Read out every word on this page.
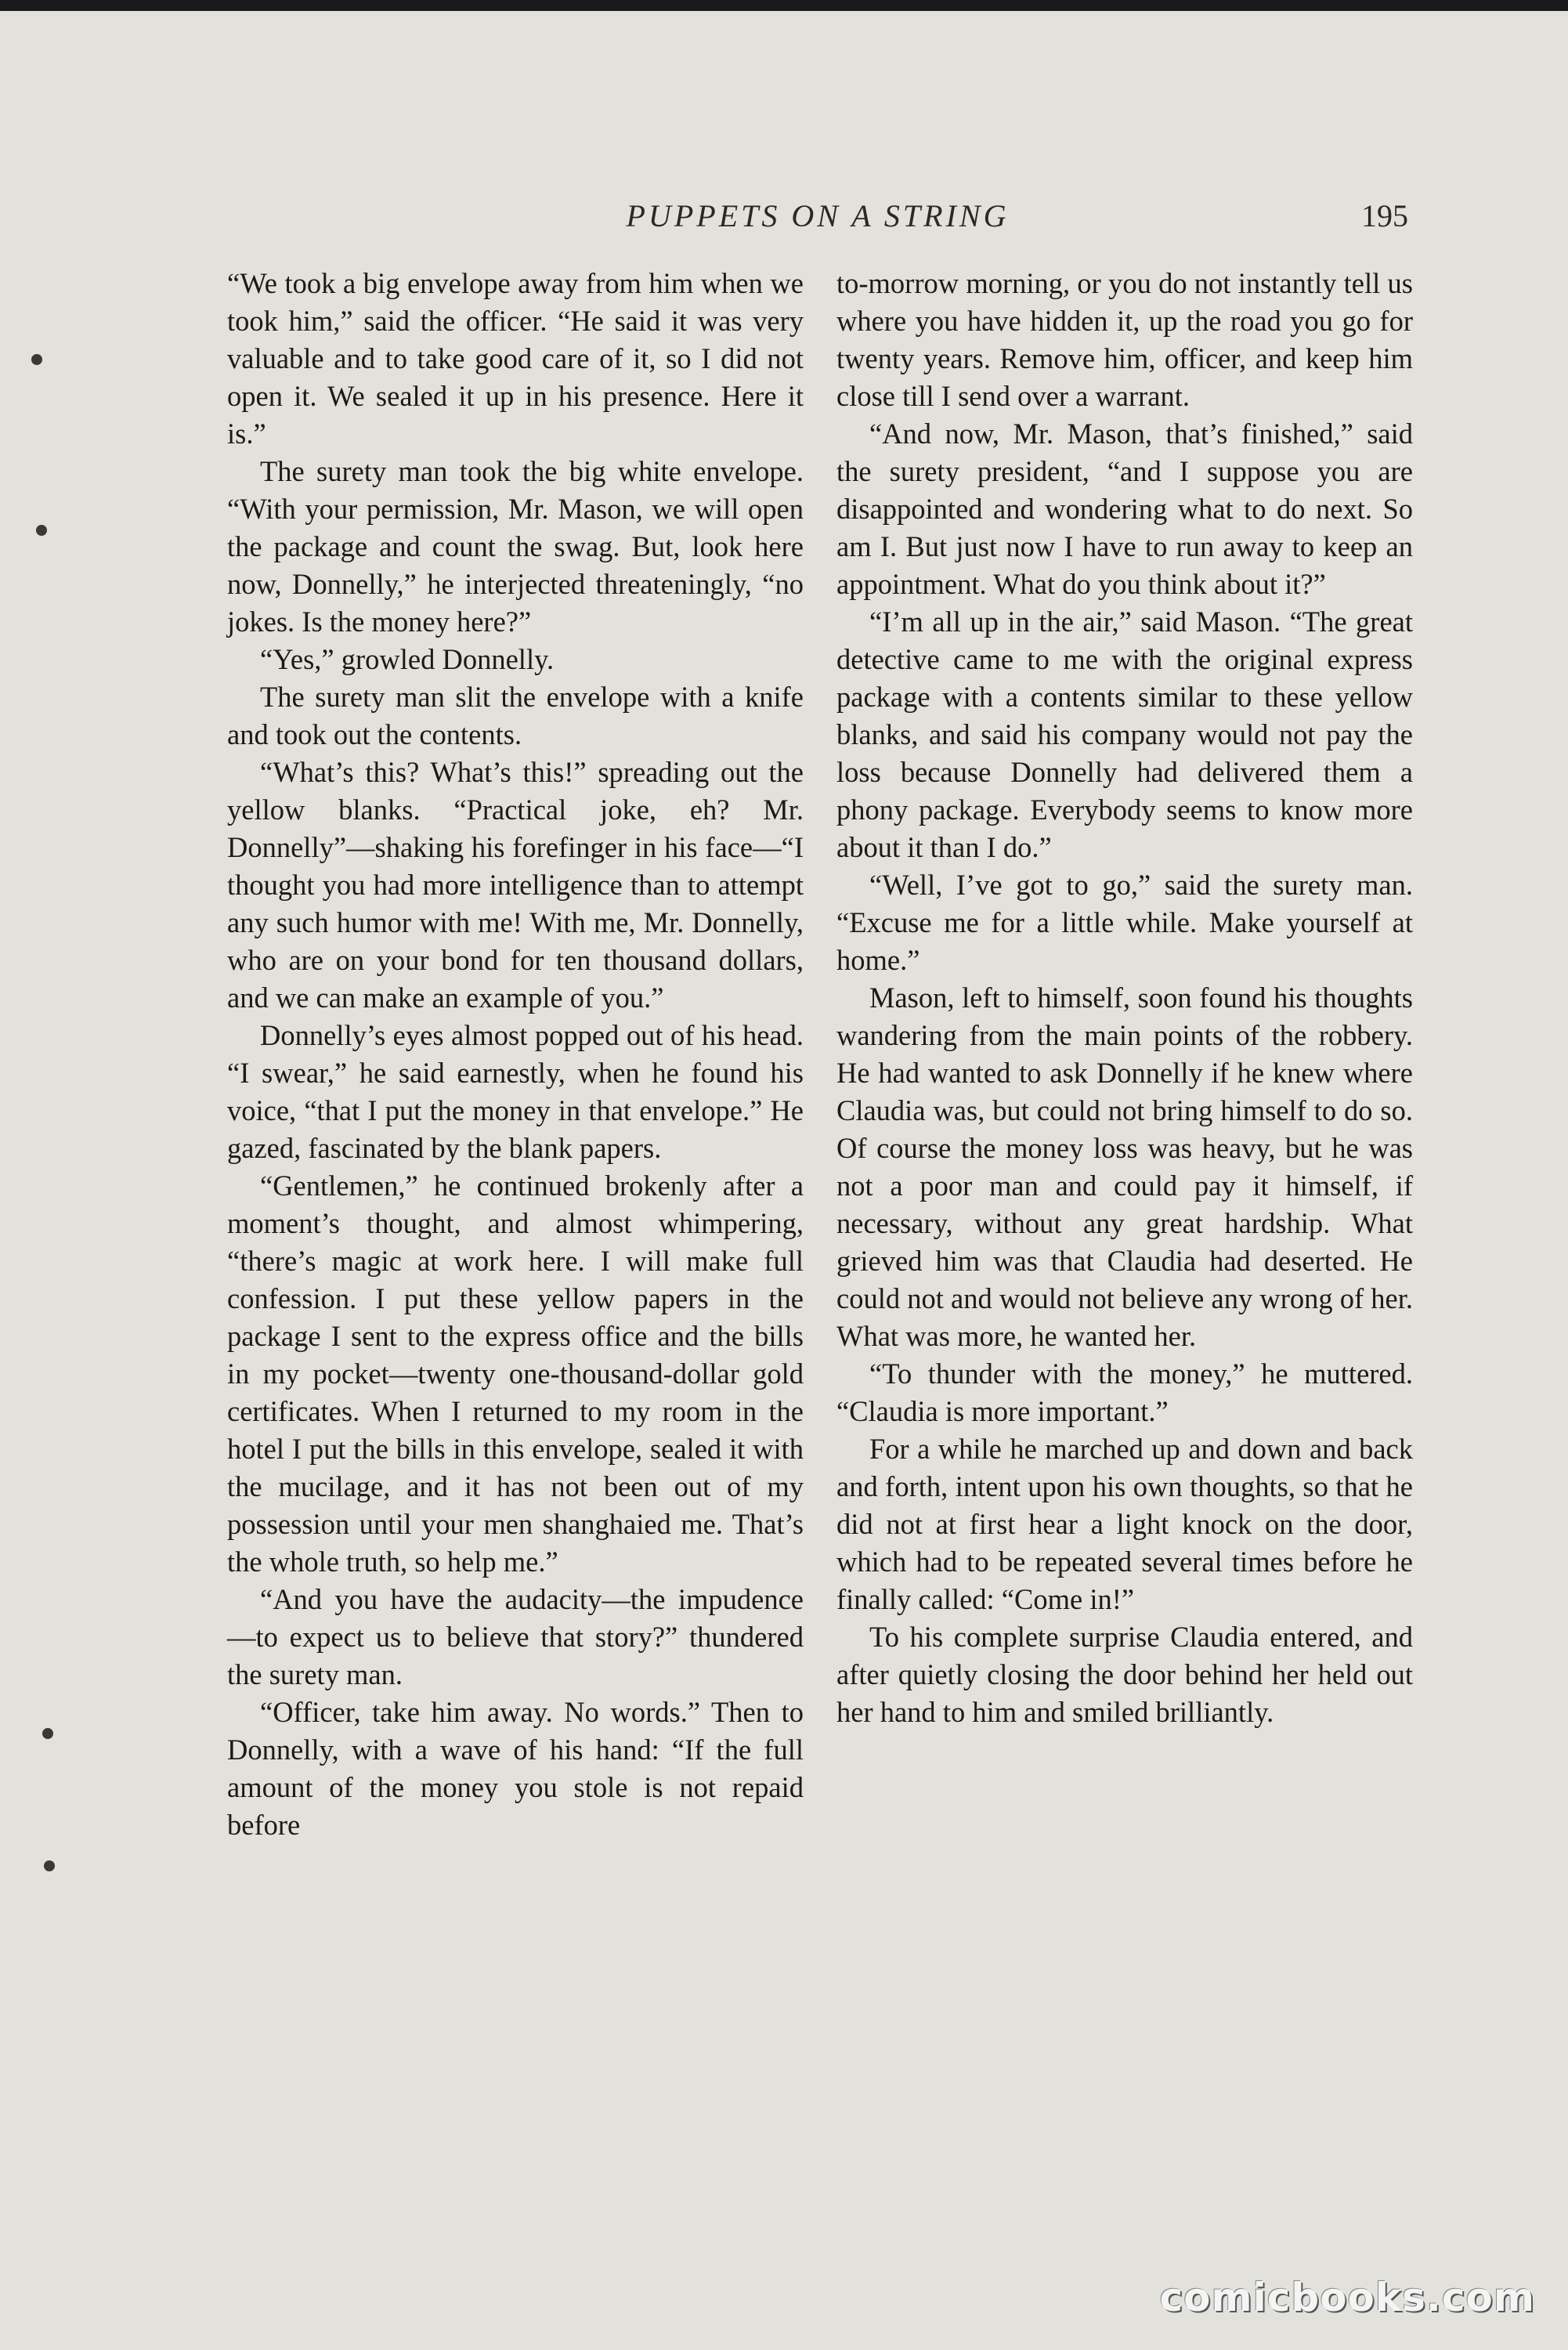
PUPPETS ON A STRING	195

“We took a big envelope away from him when we took him,” said the officer. “He said it was very valuable and to take good care of it, so I did not open it. We sealed it up in his presence. Here it is.”

The surety man took the big white envelope. “With your permission, Mr. Mason, we will open the package and count the swag. But, look here now, Donnelly,” he interjected threateningly, “no jokes. Is the money here?”

“Yes,” growled Donnelly.

The surety man slit the envelope with a knife and took out the contents.

“What’s this? What’s this!” spreading out the yellow blanks. “Practical joke, eh? Mr. Donnelly”—shaking his forefinger in his face—“I thought you had more intelligence than to attempt any such humor with me! With me, Mr. Donnelly, who are on your bond for ten thousand dollars, and we can make an example of you.”

Donnelly’s eyes almost popped out of his head. “I swear,” he said earnestly, when he found his voice, “that I put the money in that envelope.” He gazed, fascinated by the blank papers.

“Gentlemen,” he continued brokenly after a moment’s thought, and almost whimpering, “there’s magic at work here. I will make full confession. I put these yellow papers in the package I sent to the express office and the bills in my pocket—twenty one-thousand-dollar gold certificates. When I returned to my room in the hotel I put the bills in this envelope, sealed it with the mucilage, and it has not been out of my possession until your men shanghaied me. That’s the whole truth, so help me.”

“And you have the audacity—the impudence—to expect us to believe that story?” thundered the surety man.

“Officer, take him away. No words.” Then to Donnelly, with a wave of his hand: “If the full amount of the money you stole is not repaid before

to-morrow morning, or you do not instantly tell us where you have hidden it, up the road you go for twenty years. Remove him, officer, and keep him close till I send over a warrant.

“And now, Mr. Mason, that’s finished,” said the surety president, “and I suppose you are disappointed and wondering what to do next. So am I. But just now I have to run away to keep an appointment. What do you think about it?”

“I’m all up in the air,” said Mason. “The great detective came to me with the original express package with a contents similar to these yellow blanks, and said his company would not pay the loss because Donnelly had delivered them a phony package. Everybody seems to know more about it than I do.”

“Well, I’ve got to go,” said the surety man. “Excuse me for a little while. Make yourself at home.”

Mason, left to himself, soon found his thoughts wandering from the main points of the robbery. He had wanted to ask Donnelly if he knew where Claudia was, but could not bring himself to do so. Of course the money loss was heavy, but he was not a poor man and could pay it himself, if necessary, without any great hardship. What grieved him was that Claudia had deserted. He could not and would not believe any wrong of her. What was more, he wanted her.

“To thunder with the money,” he muttered. “Claudia is more important.”

For a while he marched up and down and back and forth, intent upon his own thoughts, so that he did not at first hear a light knock on the door, which had to be repeated several times before he finally called: “Come in!”

To his complete surprise Claudia entered, and after quietly closing the door behind her held out her hand to him and smiled brilliantly.

comicbooks.com
